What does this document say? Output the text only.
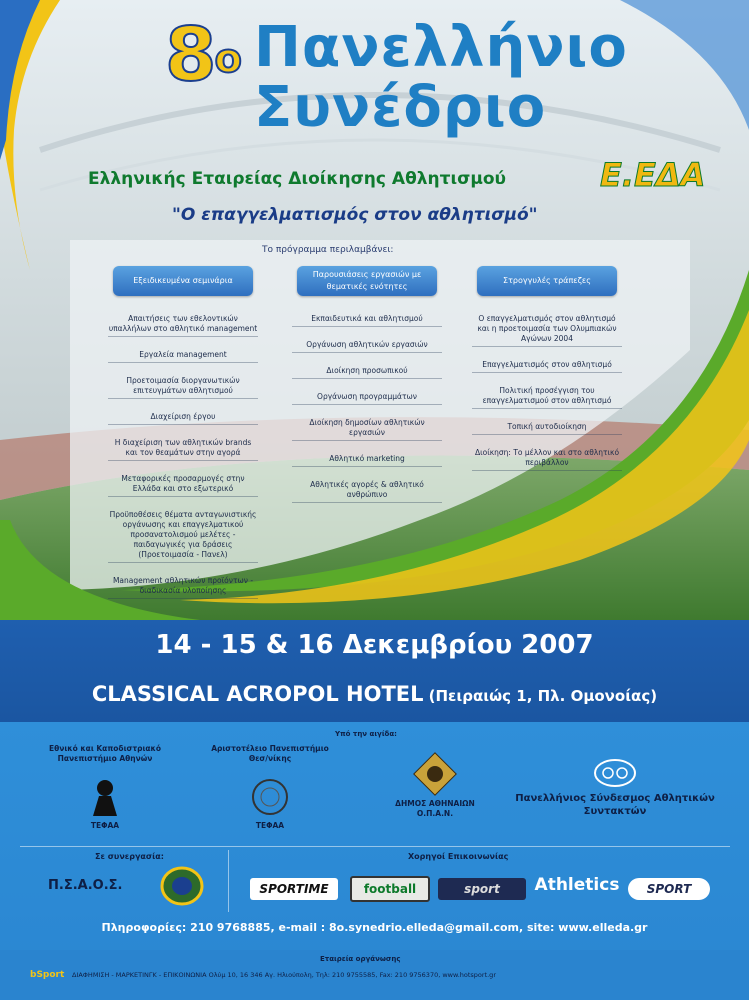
$8^o$ Πανελλήνιο
Συνέδριο
Ελληνικής Εταιρείας Διοίκησης Αθλητισμού	Ε.ΕΔΑ
"Ο επαγγελματισμός στον αθλητισμό"
Το πρόγραμμα περιλαμβάνει:
Εξειδικευμένα σεμινάρια
Απαιτήσεις των εθελοντικών υπαλλήλων στο αθλητικό management
Εργαλεία management
Προετοιμασία διοργανωτικών επιτευγμάτων αθλητισμού
Διαχείριση έργου
Η διαχείριση των αθλητικών brands και τον θεαμάτων στην αγορά
Μεταφορικές προσαρμογές στην Ελλάδα και στο εξωτερικό
Προϋποθέσεις θέματα ανταγωνιστικής οργάνωσης και επαγγελματικού προσανατολισμού μελέτες - παιδαγωγικές για δράσεις (Προετοιμασία - Πανελ)
Management αθλητικών προϊόντων - διαδικασία υλοποίησης
Παρουσιάσεις εργασιών με θεματικές ενότητες
Εκπαιδευτικά και αθλητισμού
Οργάνωση αθλητικών εργασιών
Διοίκηση προσωπικού
Οργάνωση προγραμμάτων
Διοίκηση δημοσίων αθλητικών εργασιών
Αθλητικό marketing
Αθλητικές αγορές & αθλητικό ανθρώπινο
Στρογγυλές τράπεζες
Ο επαγγελματισμός στον αθλητισμό και η προετοιμασία των Ολυμπιακών Αγώνων 2004
Επαγγελματισμός στον αθλητισμό
Πολιτική προσέγγιση του επαγγελματισμού στον αθλητισμό
Τοπική αυτοδιοίκηση
Διοίκηση: Το μέλλον και στο αθλητικό περιβάλλον
14 - 15 & 16 Δεκεμβρίου 2007
CLASSICAL ACROPOL HOTEL (Πειραιώς 1, Πλ. Ομονοίας)
Υπό την αιγίδα:
Εθνικό και Καποδιστριακό Πανεπιστήμιο Αθηνών
ΤΕΦΑΑ
Αριστοτέλειο Πανεπιστήμιο Θεσ/νίκης
ΤΕΦΑΑ
ΔΗΜΟΣ ΑΘΗΝΑΙΩΝ
Ο.Π.Α.Ν.
Πανελλήνιος Σύνδεσμος Αθλητικών Συντακτών
Σε συνεργασία:
Π.Σ.Α.Ο.Σ.
Χορηγοί Επικοινωνίας
SPORTIME	football	sport	Athletics	SPORT
Πληροφορίες: 210 9768885, e-mail : 8o.synedrio.elleda@gmail.com, site: www.elleda.gr
Εταιρεία οργάνωσης
bSport ΔΙΑΦΗΜΙΣΗ - ΜΑΡΚΕΤΙΝΓΚ - ΕΠΙΚΟΙΝΩΝΙΑ Ολύμ 10, 16 346 Αγ. Ηλιούπολη, Τηλ: 210 9755585, Fax: 210 9756370, www.hotsport.gr
